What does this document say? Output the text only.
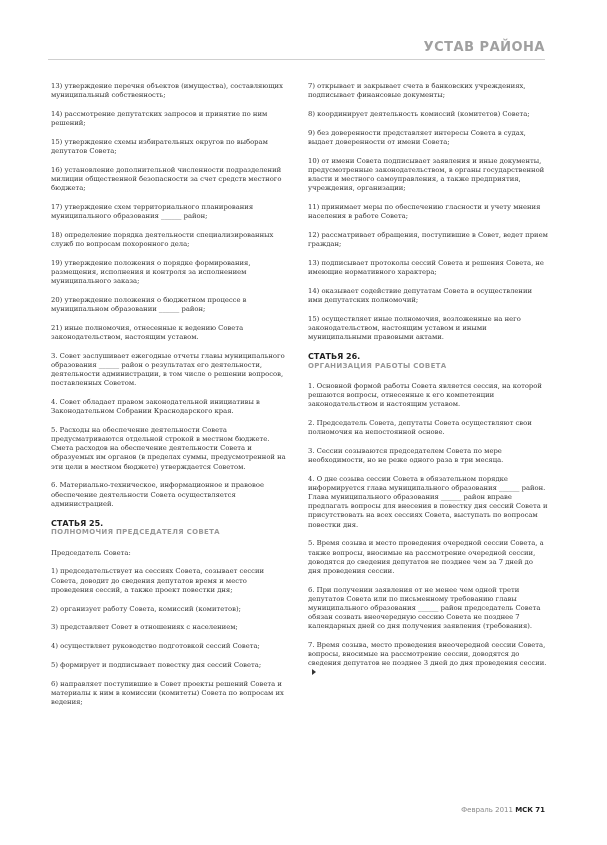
УСТАВ РАЙОНА

13) утверждение перечня объектов (имущества), составляющих муниципальный собственность;

14) рассмотрение депутатских запросов и принятие по ним решений;

15) утверждение схемы избирательных округов по выборам депутатов Совета;

16) установление дополнительной численности подразделений милиции общественной безопасности за счет средств местного бюджета;

17) утверждение схем территориального планирования муниципального образования ______ район;

18) определение порядка деятельности специализированных служб по вопросам похоронного дела;

19) утверждение положения о порядке формирования, размещения, исполнения и контроля за исполнением муниципального заказа;

20) утверждение положения о бюджетном процессе в муниципальном образовании ______ район;

21) иные полномочия, отнесенные к ведению Совета законодательством, настоящим уставом.

3. Совет заслушивает ежегодные отчеты главы муниципального образования ______ район о результатах его деятельности, деятельности администрации, в том числе о решении вопросов, поставленных Советом.

4. Совет обладает правом законодательной инициативы в Законодательном Собрании Краснодарского края.

5. Расходы на обеспечение деятельности Совета предусматриваются отдельной строкой в местном бюджете. Смета расходов на обеспечение деятельности Совета и образуемых им органов (в пределах суммы, предусмотренной на эти цели в местном бюджете) утверждается Советом.

6. Материально-техническое, информационное и правовое обеспечение деятельности Совета осуществляется администрацией.

СТАТЬЯ 25.
ПОЛНОМОЧИЯ ПРЕДСЕДАТЕЛЯ СОВЕТА

Председатель Совета:

1) председательствует на сессиях Совета, созывает сессии Совета, доводит до сведения депутатов время и место проведения сессий, а также проект повестки дня;

2) организует работу Совета, комиссий (комитетов);

3) представляет Совет в отношениях с населением;

4) осуществляет руководство подготовкой сессий Совета;

5) формирует и подписывает повестку дня сессий Совета;

6) направляет поступившие в Совет проекты решений Совета и материалы к ним в комиссии (комитеты) Совета по вопросам их ведения;

7) открывает и закрывает счета в банковских учреждениях, подписывает финансовые документы;

8) координирует деятельность комиссий (комитетов) Совета;

9) без доверенности представляет интересы Совета в судах, выдает доверенности от имени Совета;

10) от имени Совета подписывает заявления и иные документы, предусмотренные законодательством, в органы государственной власти и местного самоуправления, а также предприятия, учреждения, организации;

11) принимает меры по обеспечению гласности и учету мнения населения в работе Совета;

12) рассматривает обращения, поступившие в Совет, ведет прием граждан;

13) подписывает протоколы сессий Совета и решения Совета, не имеющие нормативного характера;

14) оказывает содействие депутатам Совета в осуществлении ими депутатских полномочий;

15) осуществляет иные полномочия, возложенные на него законодательством, настоящим уставом и иными муниципальными правовыми актами.

СТАТЬЯ 26.
ОРГАНИЗАЦИЯ РАБОТЫ СОВЕТА

1. Основной формой работы Совета является сессия, на которой решаются вопросы, отнесенные к его компетенции законодательством и настоящим уставом.

2. Председатель Совета, депутаты Совета осуществляют свои полномочия на непостоянной основе.

3. Сессии созываются председателем Совета по мере необходимости, но не реже одного раза в три месяца.

4. О дне созыва сессии Совета в обязательном порядке информируется глава муниципального образования ______ район. Глава муниципального образования ______ район вправе предлагать вопросы для внесения в повестку дня сессий Совета и присутствовать на всех сессиях Совета, выступать по вопросам повестки дня.

5. Время созыва и место проведения очередной сессии Совета, а также вопросы, вносимые на рассмотрение очередной сессии, доводятся до сведения депутатов не позднее чем за 7 дней до дня проведения сессии.

6. При получении заявления от не менее чем одной трети депутатов Совета или по письменному требованию главы муниципального образования ______ район председатель Совета обязан созвать внеочередную сессию Совета не позднее 7 календарных дней со дня получения заявления (требования).

7. Время созыва, место проведения внеочередной сессии Совета, вопросы, вносимые на рассмотрение сессии, доводятся до сведения депутатов не позднее 3 дней до дня проведения сессии.

Февраль 2011 МСК 71
